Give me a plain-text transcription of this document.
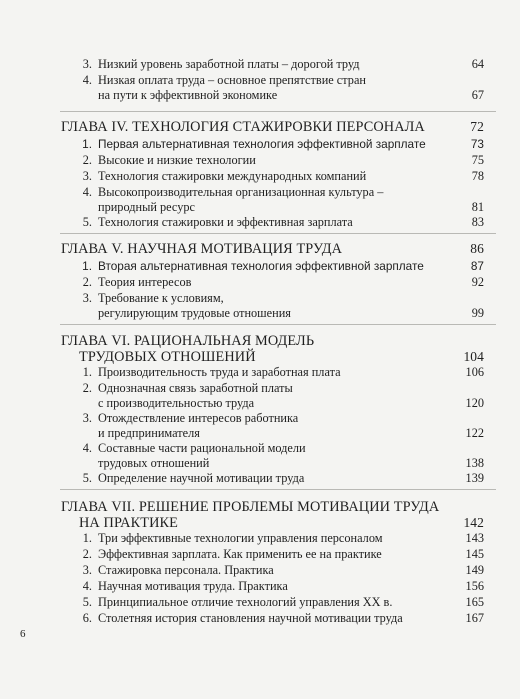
3. Низкий уровень заработной платы – дорогой труд	64
4. Низкая оплата труда – основное препятствие стран
на пути к эффективной экономике	67
ГЛАВА IV. ТЕХНОЛОГИЯ СТАЖИРОВКИ ПЕРСОНАЛА	72
1. Первая альтернативная технология эффективной зарплате	73
2. Высокие и низкие технологии	75
3. Технология стажировки международных компаний	78
4. Высокопроизводительная организационная культура –
природный ресурс	81
5. Технология стажировки и эффективная зарплата	83
ГЛАВА V. НАУЧНАЯ МОТИВАЦИЯ ТРУДА	86
1. Вторая альтернативная технология эффективной зарплате	87
2. Теория интересов	92
3. Требование к условиям,
регулирующим трудовые отношения	99
ГЛАВА VI. РАЦИОНАЛЬНАЯ МОДЕЛЬ
ТРУДОВЫХ ОТНОШЕНИЙ	104
1. Производительность труда и заработная плата	106
2. Однозначная связь заработной платы
с производительностью труда	120
3. Отождествление интересов работника
и предпринимателя	122
4. Составные части рациональной модели
трудовых отношений	138
5. Определение научной мотивации труда	139
ГЛАВА VII. РЕШЕНИЕ ПРОБЛЕМЫ МОТИВАЦИИ ТРУДА
НА ПРАКТИКЕ	142
1. Три эффективные технологии управления персоналом	143
2. Эффективная зарплата. Как применить ее на практике	145
3. Стажировка персонала. Практика	149
4. Научная мотивация труда. Практика	156
5. Принципиальное отличие технологий управления XX в.	165
6. Столетняя история становления научной мотивации труда	167
6
